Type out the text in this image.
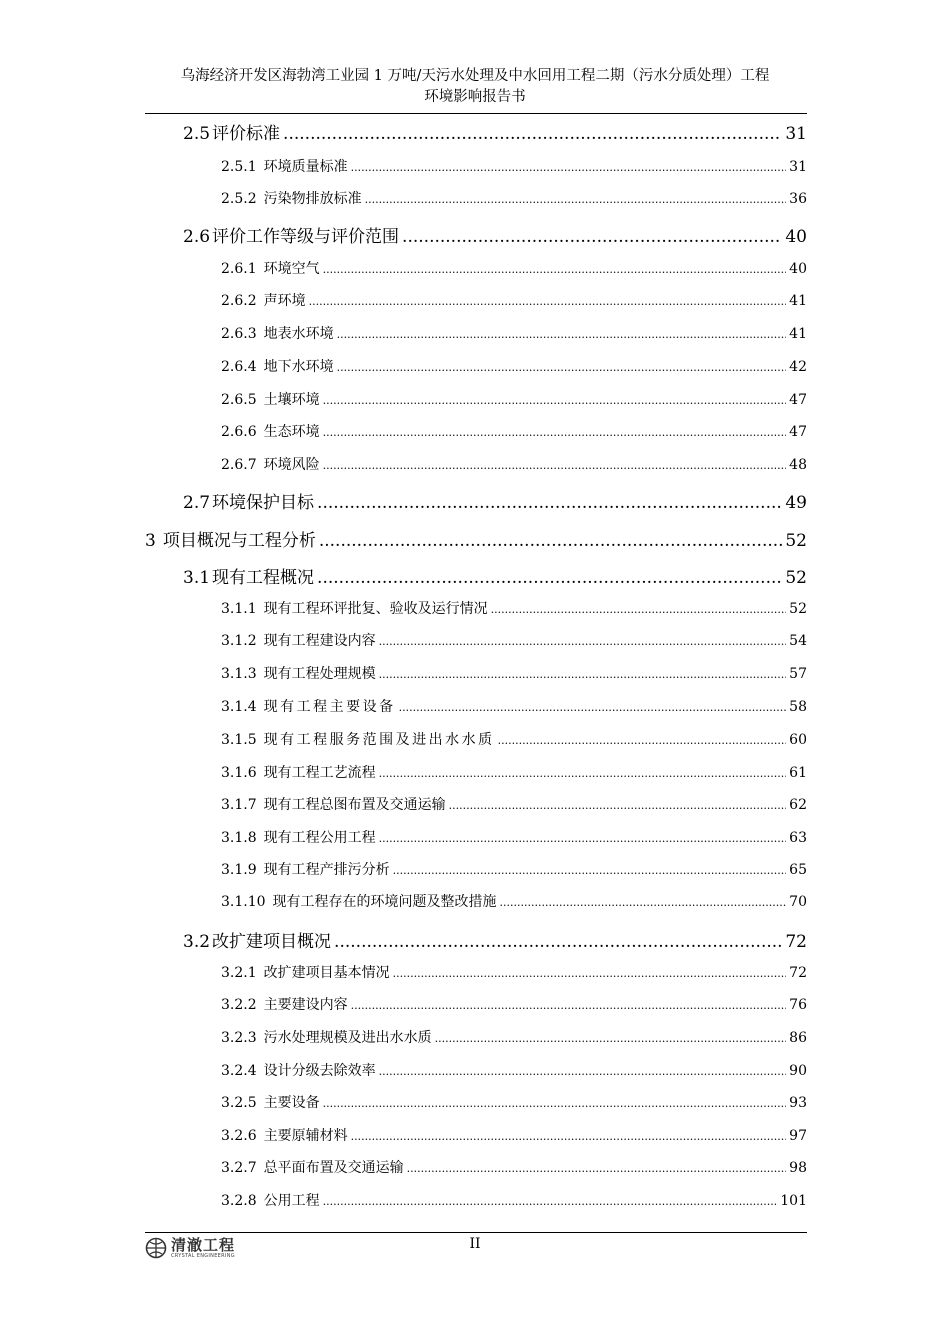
乌海经济开发区海勃湾工业园 1 万吨/天污水处理及中水回用工程二期（污水分质处理）工程
环境影响报告书
2.5 评价标准 .....	31
2.5.1 环境质量标准 .....	31
2.5.2 污染物排放标准 .....	36
2.6 评价工作等级与评价范围 .....	40
2.6.1 环境空气 .....	40
2.6.2 声环境 .....	41
2.6.3 地表水环境 .....	41
2.6.4 地下水环境 .....	42
2.6.5 土壤环境 .....	47
2.6.6 生态环境 .....	47
2.6.7 环境风险 .....	48
2.7 环境保护目标 .....	49
3 项目概况与工程分析 .....	52
3.1 现有工程概况 .....	52
3.1.1 现有工程环评批复、验收及运行情况 .....	52
3.1.2 现有工程建设内容 .....	54
3.1.3 现有工程处理规模 .....	57
3.1.4 现有工程主要设备 .....	58
3.1.5 现有工程服务范围及进出水水质 .....	60
3.1.6 现有工程工艺流程 .....	61
3.1.7 现有工程总图布置及交通运输 .....	62
3.1.8 现有工程公用工程 .....	63
3.1.9 现有工程产排污分析 .....	65
3.1.10 现有工程存在的环境问题及整改措施 .....	70
3.2 改扩建项目概况 .....	72
3.2.1 改扩建项目基本情况 .....	72
3.2.2 主要建设内容 .....	76
3.2.3 污水处理规模及进出水水质 .....	86
3.2.4 设计分级去除效率 .....	90
3.2.5 主要设备 .....	93
3.2.6 主要原辅材料 .....	97
3.2.7 总平面布置及交通运输 .....	98
3.2.8 公用工程 .....	101
清澈工程
CRYSTAL ENGINEERING
II
